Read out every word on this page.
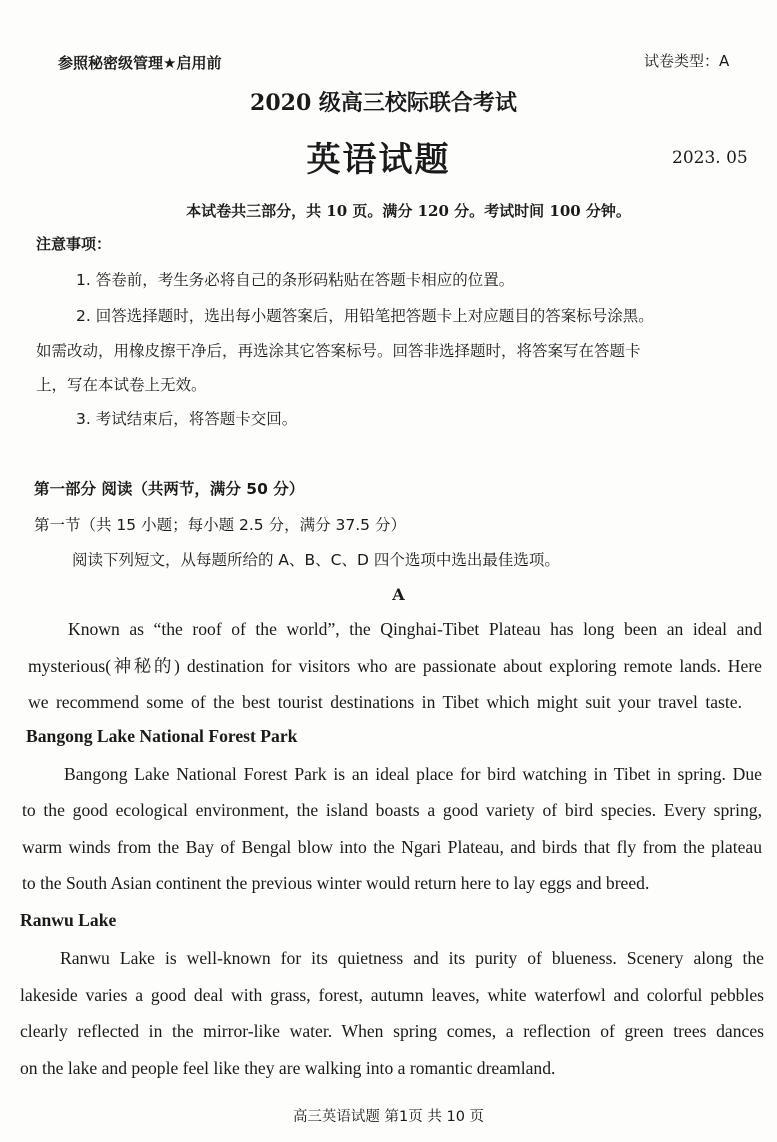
参照秘密级管理★启用前	试卷类型：A
2020 级高三校际联合考试
英语试题	2023. 05
本试卷共三部分，共 10 页。满分 120 分。考试时间 100 分钟。
注意事项：
1. 答卷前，考生务必将自己的条形码粘贴在答题卡相应的位置。
2. 回答选择题时，选出每小题答案后，用铅笔把答题卡上对应题目的答案标号涂黑。
如需改动，用橡皮擦干净后，再选涂其它答案标号。回答非选择题时，将答案写在答题卡
上，写在本试卷上无效。
3. 考试结束后，将答题卡交回。
第一部分 阅读（共两节，满分 50 分）
第一节（共 15 小题；每小题 2.5 分，满分 37.5 分）
阅读下列短文，从每题所给的 A、B、C、D 四个选项中选出最佳选项。
A
Known as “the roof of the world”, the Qinghai-Tibet Plateau has long been an ideal and
mysterious(神秘的) destination for visitors who are passionate about exploring remote lands. Here
we recommend some of the best tourist destinations in Tibet which might suit your travel taste.
Bangong Lake National Forest Park
Bangong Lake National Forest Park is an ideal place for bird watching in Tibet in spring. Due
to the good ecological environment, the island boasts a good variety of bird species. Every spring,
warm winds from the Bay of Bengal blow into the Ngari Plateau, and birds that fly from the plateau
to the South Asian continent the previous winter would return here to lay eggs and breed.
Ranwu Lake
Ranwu Lake is well-known for its quietness and its purity of blueness. Scenery along the
lakeside varies a good deal with grass, forest, autumn leaves, white waterfowl and colorful pebbles
clearly reflected in the mirror-like water. When spring comes, a reflection of green trees dances
on the lake and people feel like they are walking into a romantic dreamland.
高三英语试题 第1页 共 10 页
